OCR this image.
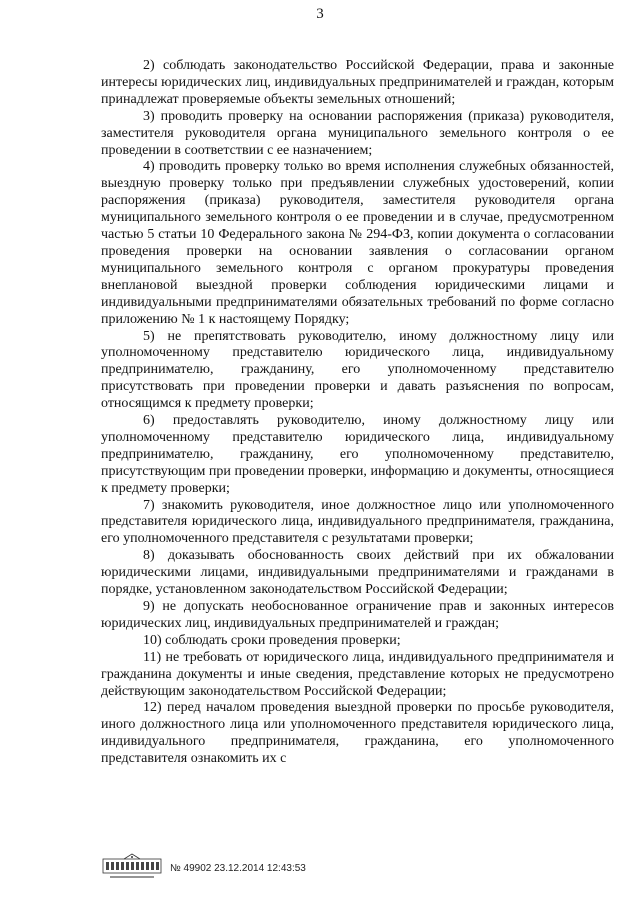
3

2) соблюдать законодательство Российской Федерации, права и законные интересы юридических лиц, индивидуальных предпринимателей и граждан, которым принадлежат проверяемые объекты земельных отношений;

3) проводить проверку на основании распоряжения (приказа) руководителя, заместителя руководителя органа муниципального земельного контроля о ее проведении в соответствии с ее назначением;

4) проводить проверку только во время исполнения служебных обязанностей, выездную проверку только при предъявлении служебных удостоверений, копии распоряжения (приказа) руководителя, заместителя руководителя органа муниципального земельного контроля о ее проведении и в случае, предусмотренном частью 5 статьи 10 Федерального закона № 294-ФЗ, копии документа о согласовании проведения проверки на основании заявления о согласовании органом муниципального земельного контроля с органом прокуратуры проведения внеплановой выездной проверки соблюдения юридическими лицами и индивидуальными предпринимателями обязательных требований по форме согласно приложению № 1 к настоящему Порядку;

5) не препятствовать руководителю, иному должностному лицу или уполномоченному представителю юридического лица, индивидуальному предпринимателю, гражданину, его уполномоченному представителю присутствовать при проведении проверки и давать разъяснения по вопросам, относящимся к предмету проверки;

6) предоставлять руководителю, иному должностному лицу или уполномоченному представителю юридического лица, индивидуальному предпринимателю, гражданину, его уполномоченному представителю, присутствующим при проведении проверки, информацию и документы, относящиеся к предмету проверки;

7) знакомить руководителя, иное должностное лицо или уполномоченного представителя юридического лица, индивидуального предпринимателя, гражданина, его уполномоченного представителя с результатами проверки;

8) доказывать обоснованность своих действий при их обжаловании юридическими лицами, индивидуальными предпринимателями и гражданами в порядке, установленном законодательством Российской Федерации;

9) не допускать необоснованное ограничение прав и законных интересов юридических лиц, индивидуальных предпринимателей и граждан;

10) соблюдать сроки проведения проверки;

11) не требовать от юридического лица, индивидуального предпринимателя и гражданина документы и иные сведения, представление которых не предусмотрено действующим законодательством Российской Федерации;

12) перед началом проведения выездной проверки по просьбе руководителя, иного должностного лица или уполномоченного представителя юридического лица, индивидуального предпринимателя, гражданина, его уполномоченного представителя ознакомить их с

№ 49902 23.12.2014 12:43:53
